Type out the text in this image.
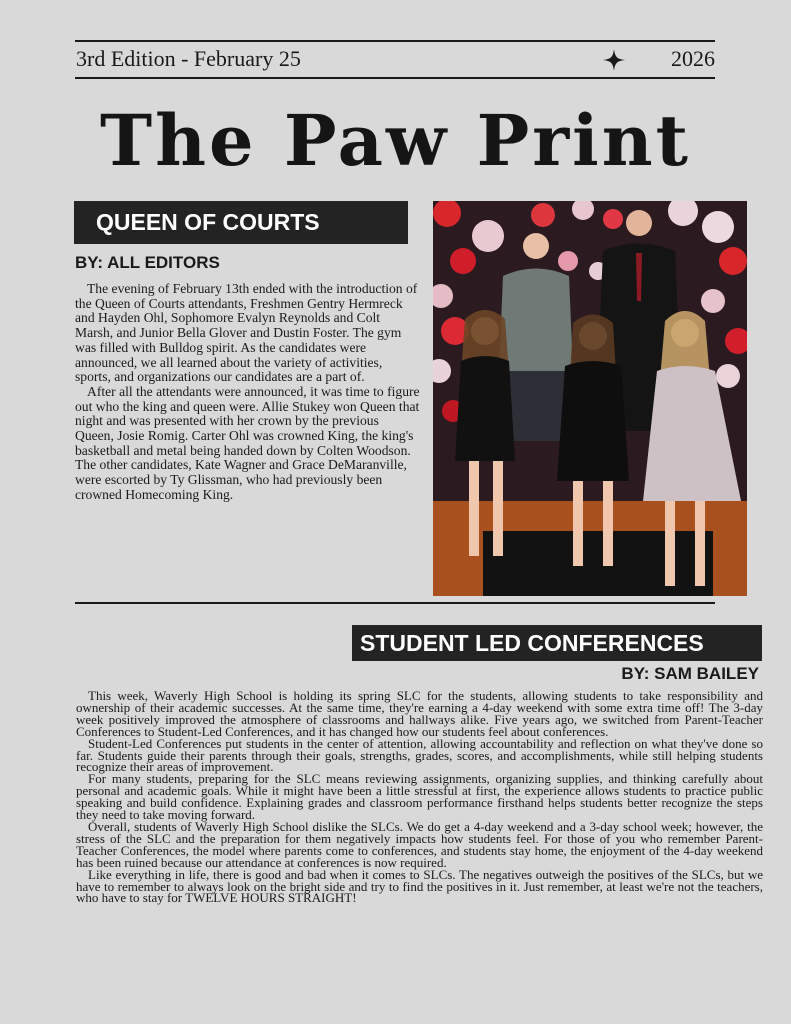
3rd Edition - February 25	2026
The Paw Print
QUEEN OF COURTS
BY: ALL EDITORS

The evening of February 13th ended with the introduction of the Queen of Courts attendants, Freshmen Gentry Hermreck and Hayden Ohl, Sophomore Evalyn Reynolds and Colt Marsh, and Junior Bella Glover and Dustin Foster. The gym was filled with Bulldog spirit. As the candidates were announced, we all learned about the variety of activities, sports, and organizations our candidates are a part of.

After all the attendants were announced, it was time to figure out who the king and queen were. Allie Stukey won Queen that night and was presented with her crown by the previous Queen, Josie Romig. Carter Ohl was crowned King, the king's basketball and metal being handed down by Colten Woodson. The other candidates, Kate Wagner and Grace DeMaranville, were escorted by Ty Glissman, who had previously been crowned Homecoming King.

STUDENT LED CONFERENCES
BY: SAM BAILEY

This week, Waverly High School is holding its spring SLC for the students, allowing students to take responsibility and ownership of their academic successes. At the same time, they're earning a 4-day weekend with some extra time off! The 3-day week positively improved the atmosphere of classrooms and hallways alike. Five years ago, we switched from Parent-Teacher Conferences to Student-Led Conferences, and it has changed how our students feel about conferences.

Student-Led Conferences put students in the center of attention, allowing accountability and reflection on what they've done so far. Students guide their parents through their goals, strengths, grades, scores, and accomplishments, while still helping students recognize their areas of improvement.

For many students, preparing for the SLC means reviewing assignments, organizing supplies, and thinking carefully about personal and academic goals. While it might have been a little stressful at first, the experience allows students to practice public speaking and build confidence. Explaining grades and classroom performance firsthand helps students better recognize the steps they need to take moving forward.

Overall, students of Waverly High School dislike the SLCs. We do get a 4-day weekend and a 3-day school week; however, the stress of the SLC and the preparation for them negatively impacts how students feel. For those of you who remember Parent-Teacher Conferences, the model where parents come to conferences, and students stay home, the enjoyment of the 4-day weekend has been ruined because our attendance at conferences is now required.

Like everything in life, there is good and bad when it comes to SLCs. The negatives outweigh the positives of the SLCs, but we have to remember to always look on the bright side and try to find the positives in it. Just remember, at least we're not the teachers, who have to stay for TWELVE HOURS STRAIGHT!
